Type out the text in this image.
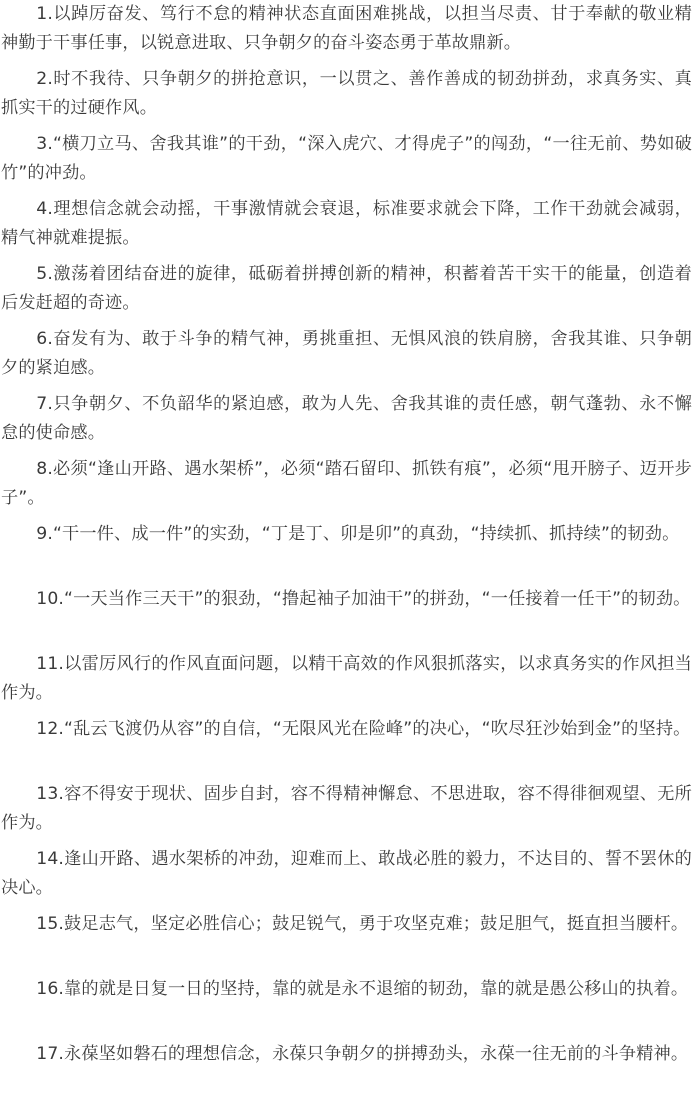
1.以踔厉奋发、笃行不怠的精神状态直面困难挑战，以担当尽责、甘于奉献的敬业精神勤于干事任事，以锐意进取、只争朝夕的奋斗姿态勇于革故鼎新。

2.时不我待、只争朝夕的拼抢意识，一以贯之、善作善成的韧劲拼劲，求真务实、真抓实干的过硬作风。

3.“横刀立马、舍我其谁”的干劲，“深入虎穴、才得虎子”的闯劲，“一往无前、势如破竹”的冲劲。

4.理想信念就会动摇，干事激情就会衰退，标准要求就会下降，工作干劲就会减弱，精气神就难提振。

5.激荡着团结奋进的旋律，砥砺着拼搏创新的精神，积蓄着苦干实干的能量，创造着后发赶超的奇迹。

6.奋发有为、敢于斗争的精气神，勇挑重担、无惧风浪的铁肩膀，舍我其谁、只争朝夕的紧迫感。

7.只争朝夕、不负韶华的紧迫感，敢为人先、舍我其谁的责任感，朝气蓬勃、永不懈怠的使命感。

8.必须“逢山开路、遇水架桥”，必须“踏石留印、抓铁有痕”，必须“甩开膀子、迈开步子”。

9.“干一件、成一件”的实劲，“丁是丁、卯是卯”的真劲，“持续抓、抓持续”的韧劲。

10.“一天当作三天干”的狠劲，“撸起袖子加油干”的拼劲，“一任接着一任干”的韧劲。

11.以雷厉风行的作风直面问题，以精干高效的作风狠抓落实，以求真务实的作风担当作为。

12.“乱云飞渡仍从容”的自信，“无限风光在险峰”的决心，“吹尽狂沙始到金”的坚持。

13.容不得安于现状、固步自封，容不得精神懈怠、不思进取，容不得徘徊观望、无所作为。

14.逢山开路、遇水架桥的冲劲，迎难而上、敢战必胜的毅力，不达目的、誓不罢休的决心。

15.鼓足志气，坚定必胜信心；鼓足锐气，勇于攻坚克难；鼓足胆气，挺直担当腰杆。

16.靠的就是日复一日的坚持，靠的就是永不退缩的韧劲，靠的就是愚公移山的执着。

17.永葆坚如磐石的理想信念，永葆只争朝夕的拼搏劲头，永葆一往无前的斗争精神。
